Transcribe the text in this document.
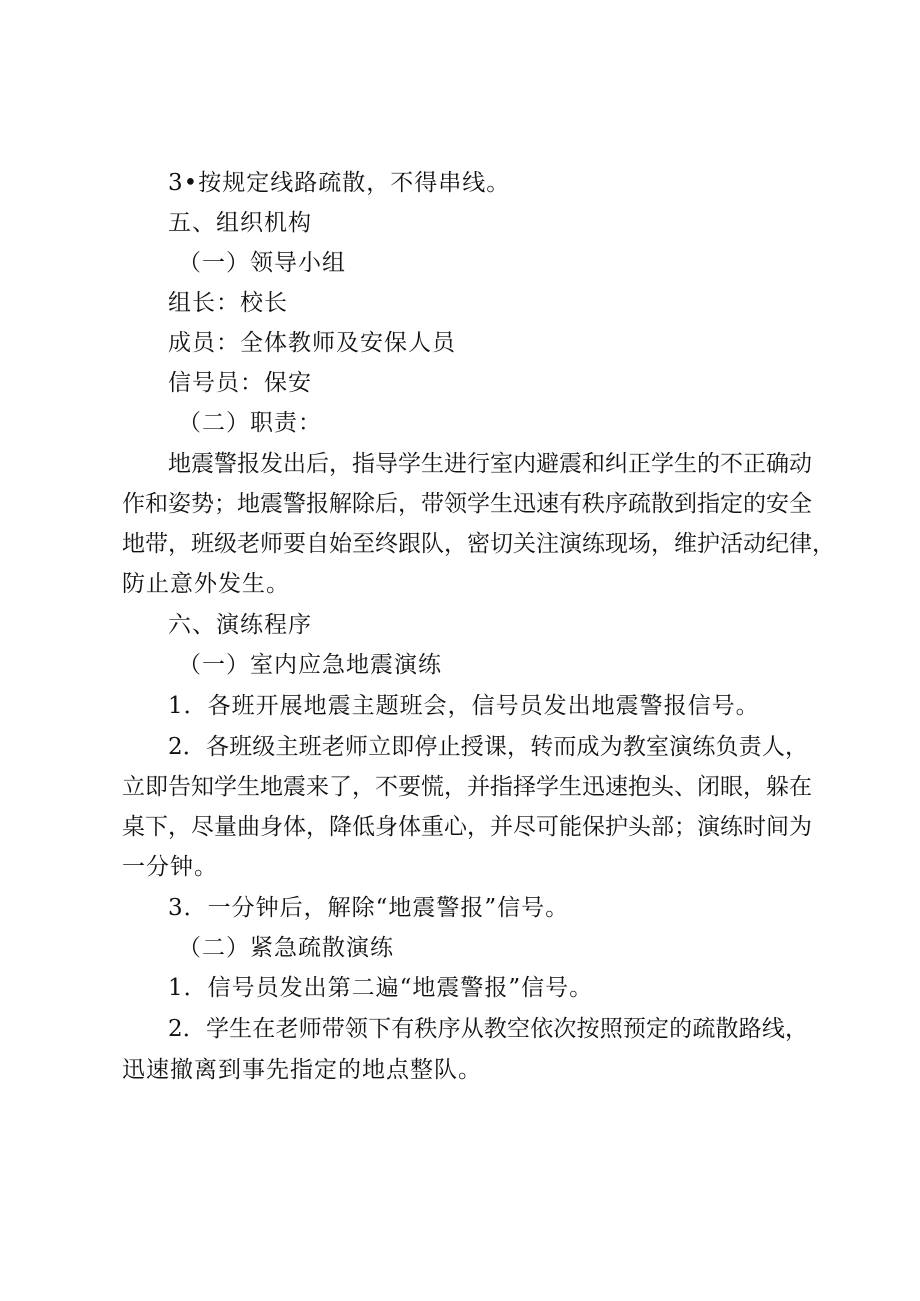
3•按规定线路疏散，不得串线。
五、组织机构
（一）领导小组
组长：校长
成员：全体教师及安保人员
信号员：保安
（二）职责：
地震警报发出后，指导学生进行室内避震和纠正学生的不正确动
作和姿势；地震警报解除后，带领学生迅速有秩序疏散到指定的安全
地带，班级老师要自始至终跟队，密切关注演练现场，维护活动纪律，
防止意外发生。
六、演练程序
（一）室内应急地震演练
1．各班开展地震主题班会，信号员发出地震警报信号。
2．各班级主班老师立即停止授课，转而成为教室演练负责人，
立即告知学生地震来了，不要慌，并指择学生迅速抱头、闭眼，躲在
桌下，尽量曲身体，降低身体重心，并尽可能保护头部；演练时间为
一分钟。
3．一分钟后，解除“地震警报”信号。
（二）紧急疏散演练
1．信号员发出第二遍“地震警报”信号。
2．学生在老师带领下有秩序从教空依次按照预定的疏散路线，
迅速撤离到事先指定的地点整队。
